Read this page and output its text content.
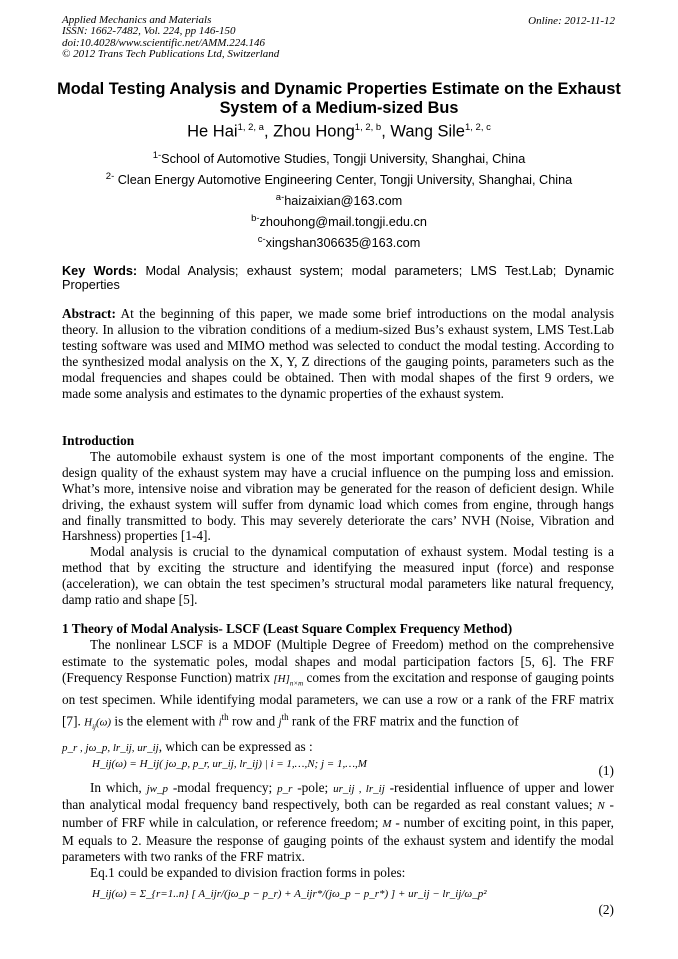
Applied Mechanics and Materials
ISSN: 1662-7482, Vol. 224, pp 146-150
doi:10.4028/www.scientific.net/AMM.224.146
© 2012 Trans Tech Publications Ltd, Switzerland
Online: 2012-11-12
Modal Testing Analysis and Dynamic Properties Estimate on the Exhaust System of a Medium-sized Bus
He Hai$^{1, 2, a}$, Zhou Hong$^{1, 2, b}$, Wang Sile$^{1, 2, c}$
$^{1-}$School of Automotive Studies, Tongji University, Shanghai, China
$^{2-}$ Clean Energy Automotive Engineering Center, Tongji University, Shanghai, China
$^{a-}$haizaixian@163.com
$^{b-}$zhouhong@mail.tongji.edu.cn
$^{c-}$xingshan306635@163.com
Key Words: Modal Analysis; exhaust system; modal parameters; LMS Test.Lab; Dynamic Properties
Abstract: At the beginning of this paper, we made some brief introductions on the modal analysis theory. In allusion to the vibration conditions of a medium-sized Bus’s exhaust system, LMS Test.Lab testing software was used and MIMO method was selected to conduct the modal testing. According to the synthesized modal analysis on the X, Y, Z directions of the gauging points, parameters such as the modal frequencies and shapes could be obtained. Then with modal shapes of the first 9 orders, we made some analysis and estimates to the dynamic properties of the exhaust system.
Introduction

The automobile exhaust system is one of the most important components of the engine. The design quality of the exhaust system may have a crucial influence on the pumping loss and emission. What’s more, intensive noise and vibration may be generated for the reason of deficient design. While driving, the exhaust system will suffer from dynamic load which comes from engine, through hangs and finally transmitted to body. This may severely deteriorate the cars’ NVH (Noise, Vibration and Harshness) properties [1-4].

Modal analysis is crucial to the dynamical computation of exhaust system. Modal testing is a method that by exciting the structure and identifying the measured input (force) and response (acceleration), we can obtain the test specimen’s structural modal parameters like natural frequency, damp ratio and shape [5].

1 Theory of Modal Analysis- LSCF (Least Square Complex Frequency Method)

The nonlinear LSCF is a MDOF (Multiple Degree of Freedom) method on the comprehensive estimate to the systematic poles, modal shapes and modal participation factors [5, 6]. The FRF (Frequency Response Function) matrix $[H]_{n\times m}$ comes from the excitation and response of gauging points on test specimen. While identifying modal parameters, we can use a row or a rank of the FRF matrix [7]. $H_{ij}(\omega)$ is the element with $i^{th}$ row and $j^{th}$ rank of the FRF matrix and the function of

p_r , jω_p, lr_ij, ur_ij, which can be expressed as :

H_ij(ω) = H_ij( jω_p, p_r, ur_ij, lr_ij) | i = 1,…,N; j = 1,…,M	(1)

In which, jw_p -modal frequency; p_r -pole; ur_ij , lr_ij -residential influence of upper and lower than analytical modal frequency band respectively, both can be regarded as real constant values; N - number of FRF while in calculation, or reference freedom; M - number of exciting point, in this paper, M equals to 2. Measure the response of gauging points of the exhaust system and identify the modal parameters with two ranks of the FRF matrix.

Eq.1 could be expanded to division fraction forms in poles:

H_ij(ω) = Σ_{r=1..n} [ A_ijr/(jω_p − p_r) + A_ijr*/(jω_p − p_r*) ] + ur_ij − lr_ij/ω_p²
(2)
